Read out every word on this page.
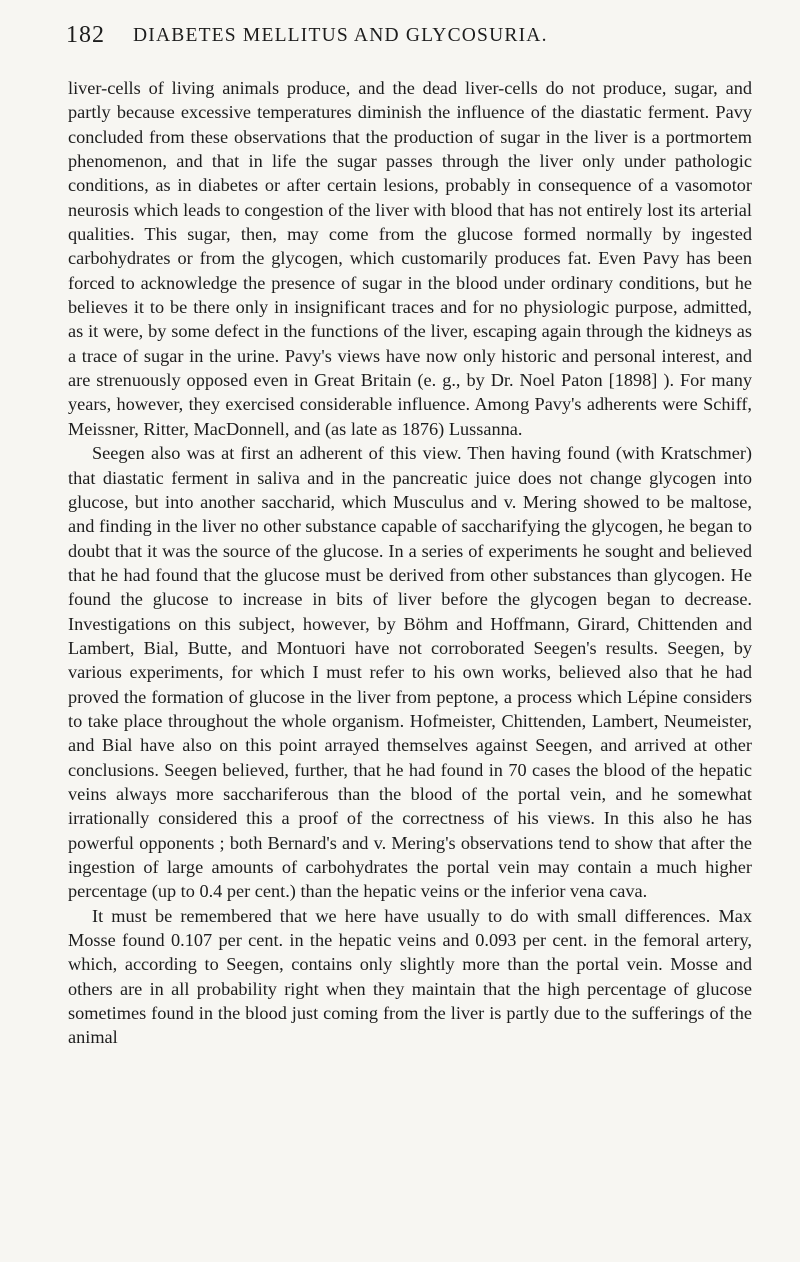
182 DIABETES MELLITUS AND GLYCOSURIA.

liver-cells of living animals produce, and the dead liver-cells do not produce, sugar, and partly because excessive temperatures diminish the influence of the diastatic ferment. Pavy concluded from these observations that the production of sugar in the liver is a portmortem phenomenon, and that in life the sugar passes through the liver only under pathologic conditions, as in diabetes or after certain lesions, probably in consequence of a vasomotor neurosis which leads to congestion of the liver with blood that has not entirely lost its arterial qualities. This sugar, then, may come from the glucose formed normally by ingested carbohydrates or from the glycogen, which customarily produces fat. Even Pavy has been forced to acknowledge the presence of sugar in the blood under ordinary conditions, but he believes it to be there only in insignificant traces and for no physiologic purpose, admitted, as it were, by some defect in the functions of the liver, escaping again through the kidneys as a trace of sugar in the urine. Pavy's views have now only historic and personal interest, and are strenuously opposed even in Great Britain (e. g., by Dr. Noel Paton [1898] ). For many years, however, they exercised considerable influence. Among Pavy's adherents were Schiff, Meissner, Ritter, MacDonnell, and (as late as 1876) Lussanna.

Seegen also was at first an adherent of this view. Then having found (with Kratschmer) that diastatic ferment in saliva and in the pancreatic juice does not change glycogen into glucose, but into another saccharid, which Musculus and v. Mering showed to be maltose, and finding in the liver no other substance capable of saccharifying the glycogen, he began to doubt that it was the source of the glucose. In a series of experiments he sought and believed that he had found that the glucose must be derived from other substances than glycogen. He found the glucose to increase in bits of liver before the glycogen began to decrease. Investigations on this subject, however, by Böhm and Hoffmann, Girard, Chittenden and Lambert, Bial, Butte, and Montuori have not corroborated Seegen's results. Seegen, by various experiments, for which I must refer to his own works, believed also that he had proved the formation of glucose in the liver from peptone, a process which Lépine considers to take place throughout the whole organism. Hofmeister, Chittenden, Lambert, Neumeister, and Bial have also on this point arrayed themselves against Seegen, and arrived at other conclusions. Seegen believed, further, that he had found in 70 cases the blood of the hepatic veins always more sacchariferous than the blood of the portal vein, and he somewhat irrationally considered this a proof of the correctness of his views. In this also he has powerful opponents ; both Bernard's and v. Mering's observations tend to show that after the ingestion of large amounts of carbohydrates the portal vein may contain a much higher percentage (up to 0.4 per cent.) than the hepatic veins or the inferior vena cava.

It must be remembered that we here have usually to do with small differences. Max Mosse found 0.107 per cent. in the hepatic veins and 0.093 per cent. in the femoral artery, which, according to Seegen, contains only slightly more than the portal vein. Mosse and others are in all probability right when they maintain that the high percentage of glucose sometimes found in the blood just coming from the liver is partly due to the sufferings of the animal
